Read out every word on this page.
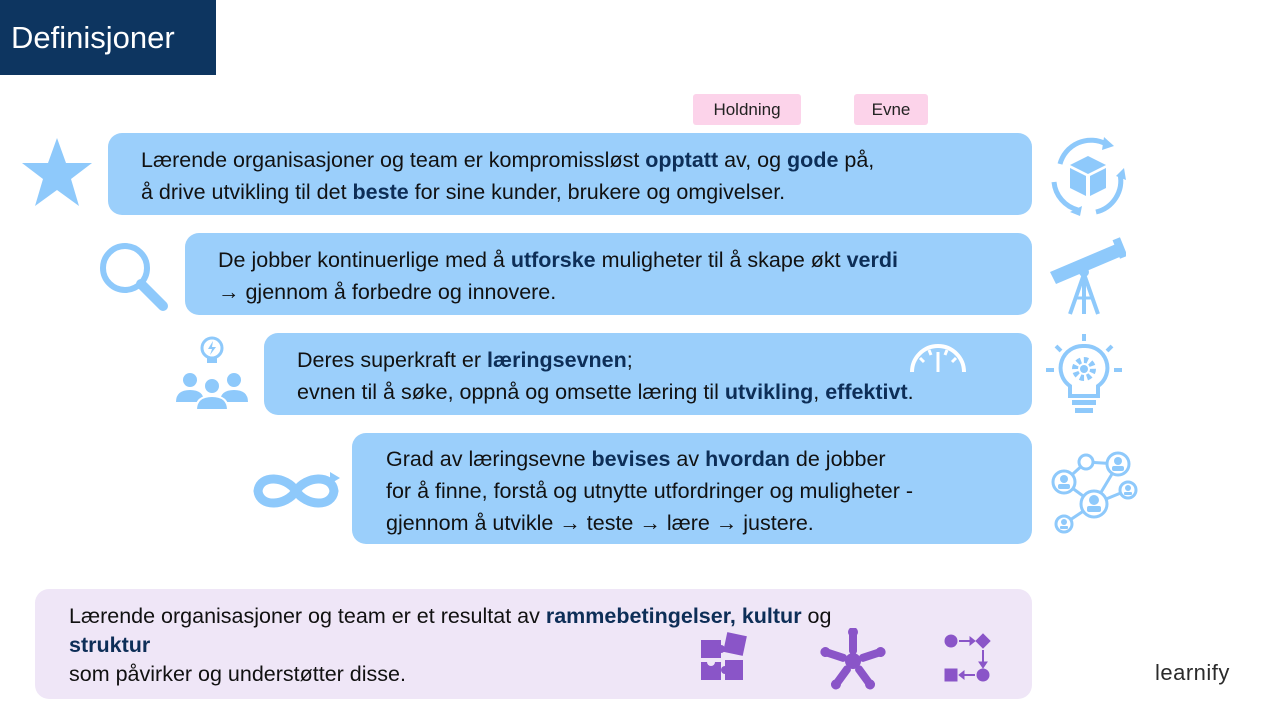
Definisjoner
Holdning	Evne
Lærende organisasjoner og team er kompromissløst opptatt av, og gode på,
å drive utvikling til det beste for sine kunder, brukere og omgivelser.
De jobber kontinuerlige med å utforske muligheter til å skape økt verdi
→ gjennom å forbedre og innovere.
Deres superkraft er læringsevnen;
evnen til å søke, oppnå og omsette læring til utvikling, effektivt.
Grad av læringsevne bevises av hvordan de jobber
for å finne, forstå og utnytte utfordringer og muligheter -
gjennom å utvikle → teste → lære → justere.
Lærende organisasjoner og team er et resultat av rammebetingelser, kultur og
struktur
som påvirker og understøtter disse.	learnify
